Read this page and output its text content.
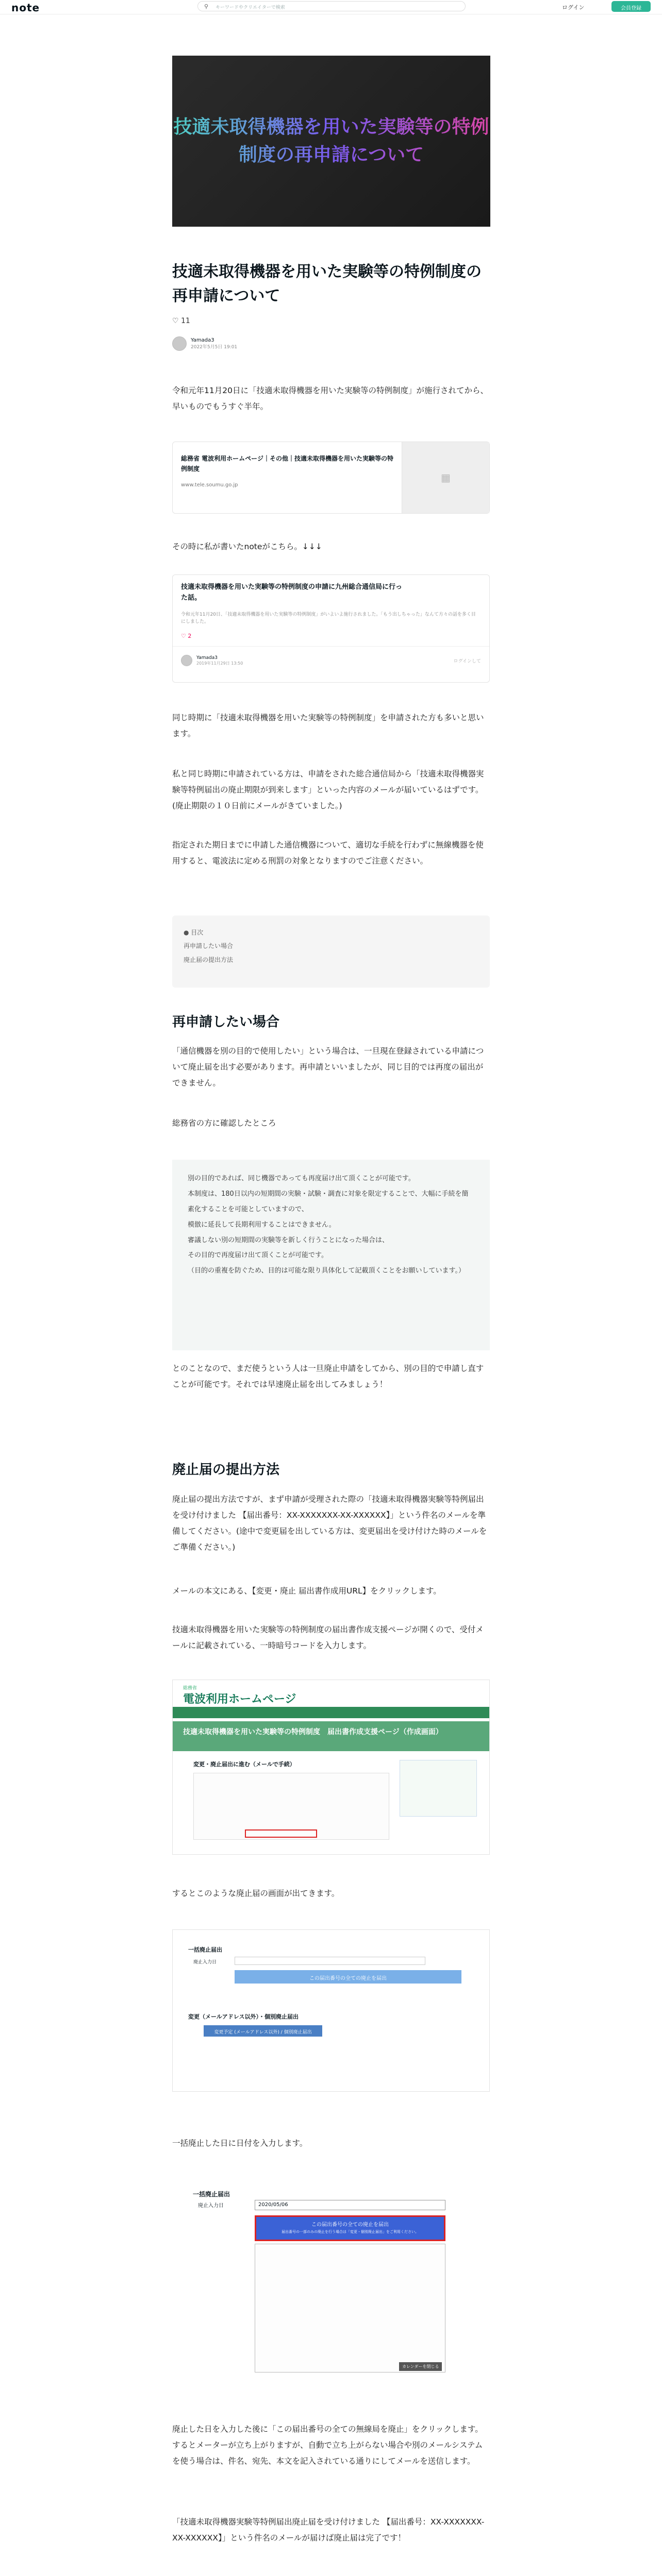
note	⚲ キーワードやクリエイターで検索	ログイン	会員登録
技適未取得機器を用いた実験等の特例制度の再申請について
技適未取得機器を用いた実験等の特例制度の再申請について
♡ 11
Yamada3
2022年5月5日 19:01

令和元年11月20日に「技適未取得機器を用いた実験等の特例制度」が施行されてから、早いものでもうすぐ半年。

総務省 電波利用ホームページ｜その他｜技適未取得機器を用いた実験等の特例制度
www.tele.soumu.go.jp
▦

その時に私が書いたnoteがこちら。↓↓↓

技適未取得機器を用いた実験等の特例制度の申請に九州総合通信局に行った話。
令和元年11月20日、「技適未取得機器を用いた実験等の特例制度」がいよいよ施行されました。「もう出しちゃった」なんて方々の話を多く目にしました。
♡ 2
Yamada3
2019年11月29日 13:50	ログインして

同じ時期に「技適未取得機器を用いた実験等の特例制度」を申請された方も多いと思います。

私と同じ時期に申請されている方は、申請をされた総合通信局から「技適未取得機器実験等特例届出の廃止期限が到来します」といった内容のメールが届いているはずです。(廃止期限の１０日前にメールがきていました。)

指定された期日までに申請した通信機器について、適切な手続を行わずに無線機器を使用すると、電波法に定める刑罰の対象となりますのでご注意ください。

● 目次
再申請したい場合
廃止届の提出方法
再申請したい場合

「通信機器を別の目的で使用したい」という場合は、一旦現在登録されている申請について廃止届を出す必要があります。再申請といいましたが、同じ目的では再度の届出ができません。

総務省の方に確認したところ

別の目的であれば、同じ機器であっても再度届け出て頂くことが可能です。
本制度は、180日以内の短期間の実験・試験・調査に対象を限定することで、大幅に手続を簡素化することを可能としていますので、
模倣に延長して長期利用することはできません。
審議しない別の短期間の実験等を新しく行うことになった場合は、
その目的で再度届け出て頂くことが可能です。
（目的の重複を防ぐため、目的は可能な限り具体化して記載頂くことをお願いしています。）

とのことなので、まだ使うという人は一旦廃止申請をしてから、別の目的で申請し直すことが可能です。それでは早速廃止届を出してみましょう！

廃止届の提出方法

廃止届の提出方法ですが、まず申請が受理された際の「技適未取得機器実験等特例届出を受け付けました 【届出番号：XX-XXXXXXX-XX-XXXXXX】」という件名のメールを準備してください。(途中で変更届を出している方は、変更届出を受け付けた時のメールをご準備ください。)

メールの本文にある、【変更・廃止 届出書作成用URL】をクリックします。

技適未取得機器を用いた実験等の特例制度の届出書作成支援ページが開くので、受付メールに記載されている、一時暗号コードを入力します。

総務省
電波利用ホームページ
技適未取得機器を用いた実験等の特例制度　届出書作成支援ページ（作成画面）
変更・廃止届出に進む（メールで手続）

するとこのような廃止届の画面が出てきます。

一括廃止届出
廃止入力日
この届出番号の全ての廃止を届出
変更（メールアドレス以外）・個別廃止届出
変更予定 (メールアドレス以外) / 個別廃止届出

一括廃止した日に日付を入力します。

一括廃止届出
廃止入力日	2020/05/06
この届出番号の全ての廃止を届出
届出番号の一部のみの廃止を行う場合は「変更・個別廃止届出」をご利用ください。
カレンダーを閉じる

廃止した日を入力した後に「この届出番号の全ての無線局を廃止」をクリックします。するとメーターが立ち上がりますが、自動で立ち上がらない場合や別のメールシステムを使う場合は、件名、宛先、本文を記入されている通りにしてメールを送信します。

「技適未取得機器実験等特例届出廃止届を受け付けました 【届出番号：XX-XXXXXXX-XX-XXXXXX】」という件名のメールが届けば廃止届は完了です！
